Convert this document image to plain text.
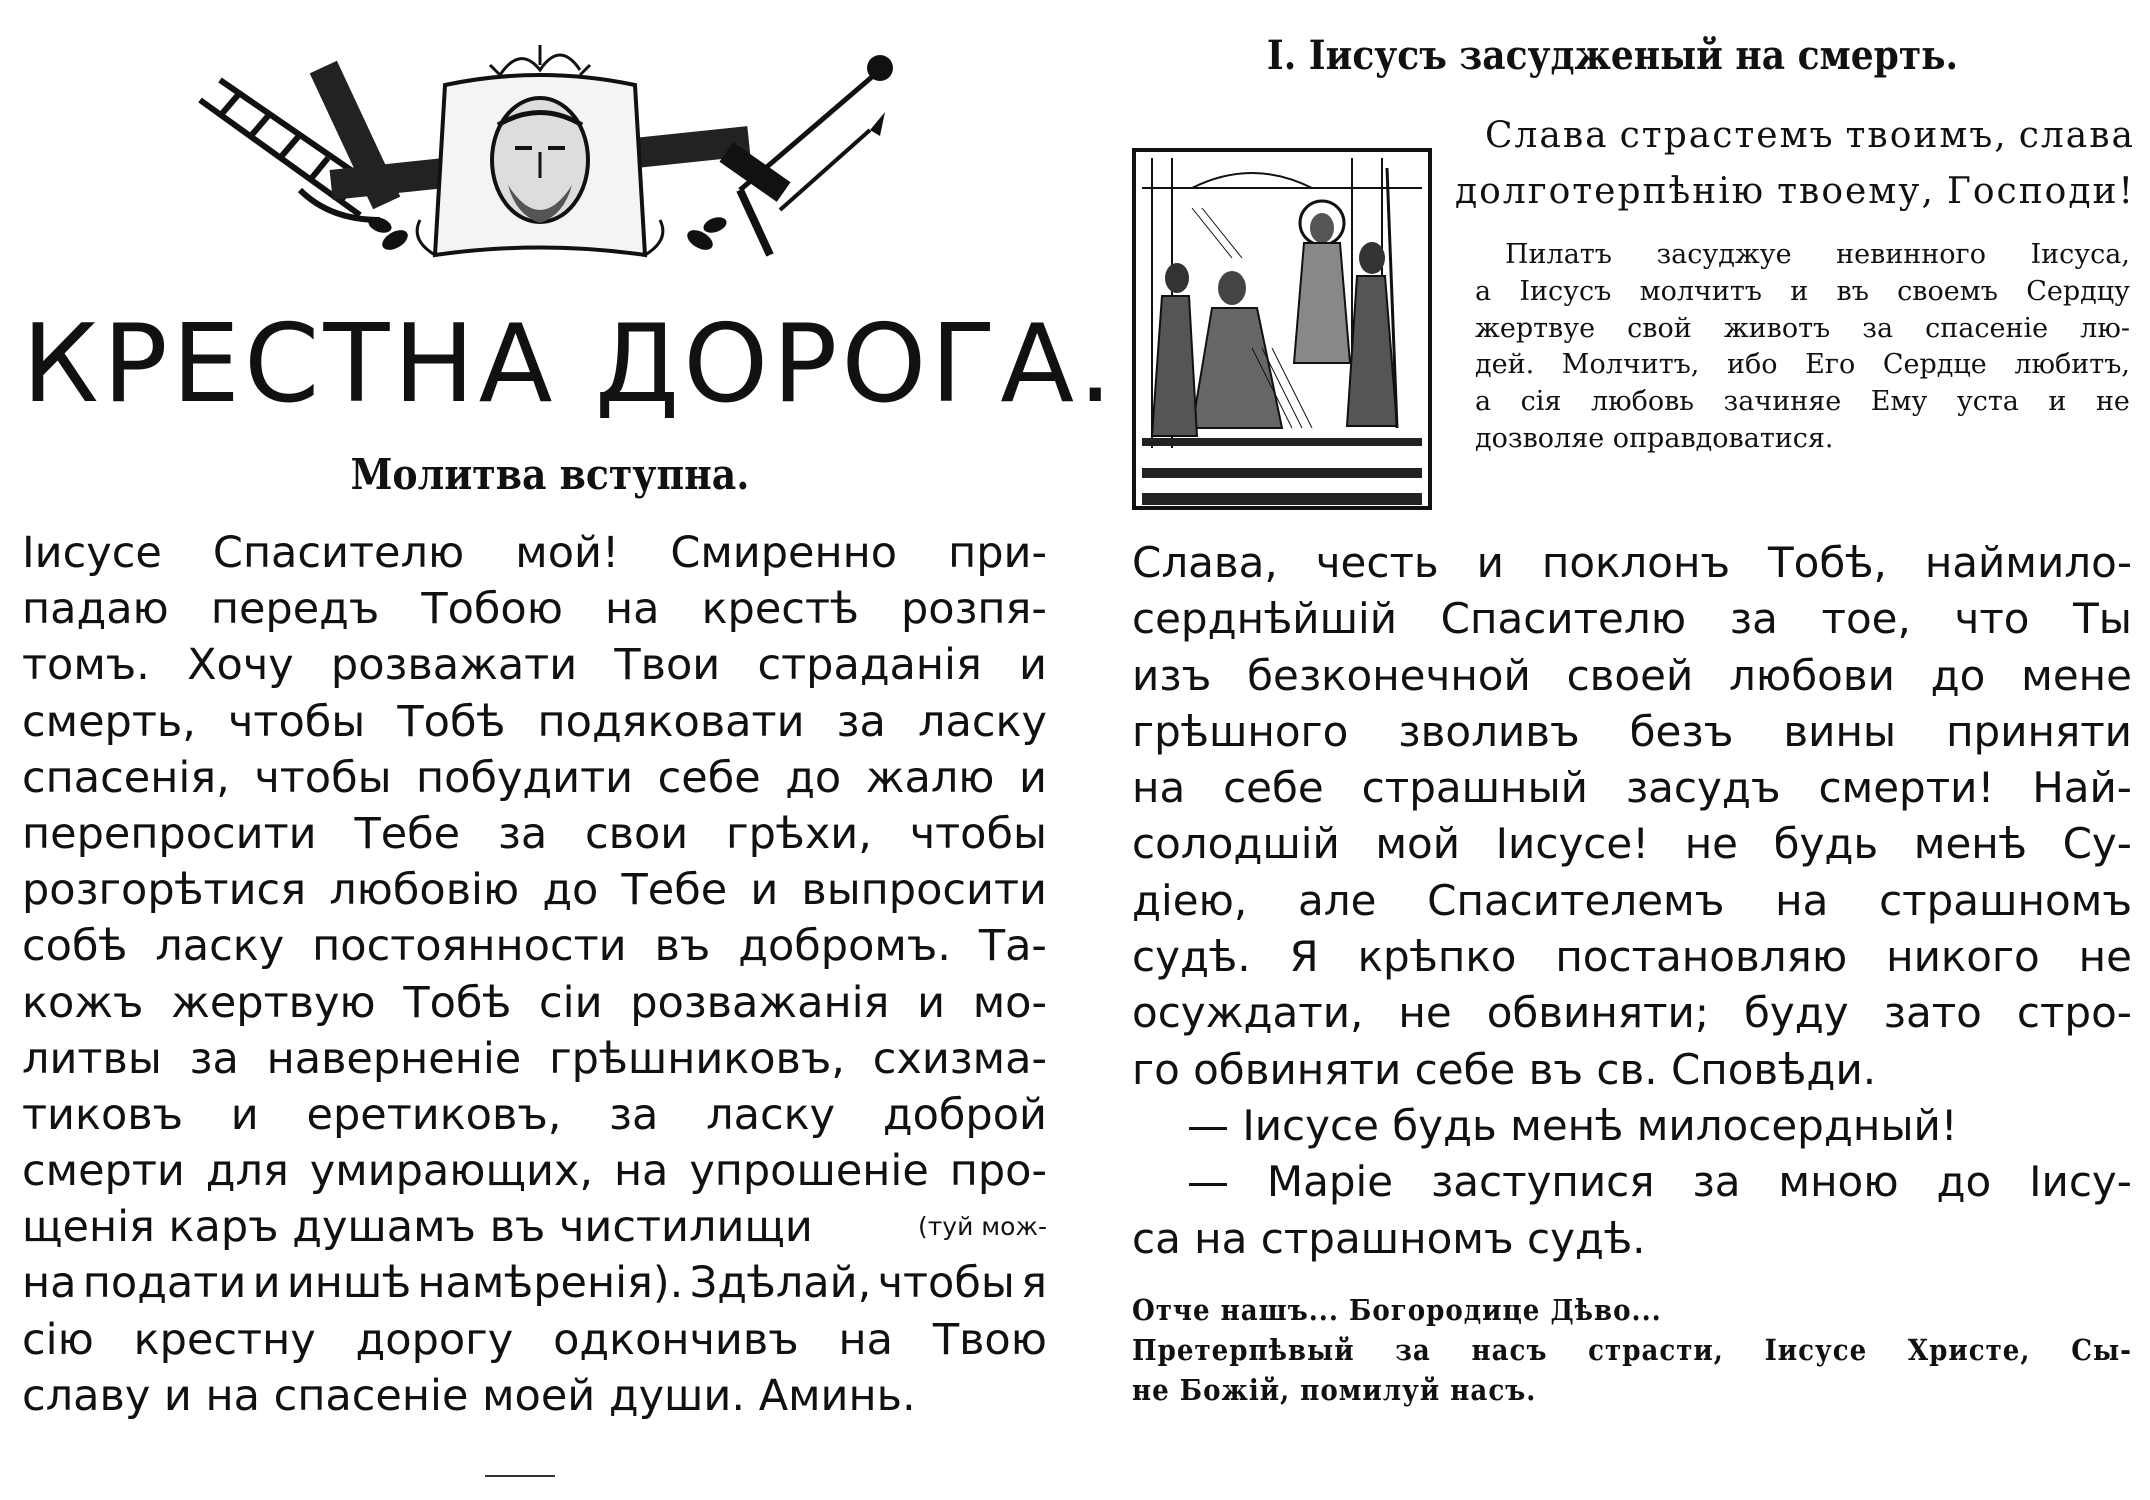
КРЕСТНА ДОРОГА.
Молитва вступна.
Іисусе Спасителю мой! Смиренно при-
падаю передъ Тобою на крестѣ розпя-
томъ. Хочу розважати Твои страданія и
смерть, чтобы Тобѣ подяковати за ласку
спасенія, чтобы побудити себе до жалю и
перепросити Тебе за свои грѣхи, чтобы
розгорѣтися любовію до Тебе и выпросити
собѣ ласку постоянности въ добромъ. Та-
кожъ жертвую Тобѣ сіи розважанія и мо-
литвы за наверненіе грѣшниковъ, схизма-
тиковъ и еретиковъ, за ласку доброй
смерти для умирающих, на упрошеніе про-
щенія каръ душамъ въ чистилищи	(туй мож-
на подати и иншѣ намѣренія). Здѣлай, чтобы я
сію крестну дорогу одкончивъ на Твою
славу и на спасеніе моей души. Аминь.
I. Іисусъ засудженый на смерть.
Слава страстемъ твоимъ, слава
долготерпѣнію твоему, Господи!
Пилатъ засуджуе невинного Іисуса,
а Іисусъ молчитъ и въ своемъ Сердцу
жертвуе свой животъ за спасеніе лю-
дей. Молчитъ, ибо Его Сердце любитъ,
а сія любовь зачиняе Ему уста и не
дозволяе оправдоватися.
Слава, честь и поклонъ Тобѣ, наймило-
серднѣйшій Спасителю за тое, что Ты
изъ безконечной своей любови до мене
грѣшного зволивъ безъ вины приняти
на себе страшный засудъ смерти! Най-
солодшій мой Іисусе! не будь менѣ Су-
діею, але Спасителемъ на страшномъ
судѣ. Я крѣпко постановляю никого не
осуждати, не обвиняти; буду зато стро-
го обвиняти себе въ св. Сповѣди.
— Іисусе будь менѣ милосердный!
— Маріе заступися за мною до Іису-
са на страшномъ судѣ.
Отче нашъ... Богородице Дѣво...
Претерпѣвый за насъ страсти, Іисусе Христе, Сы-
не Божій, помилуй насъ.
